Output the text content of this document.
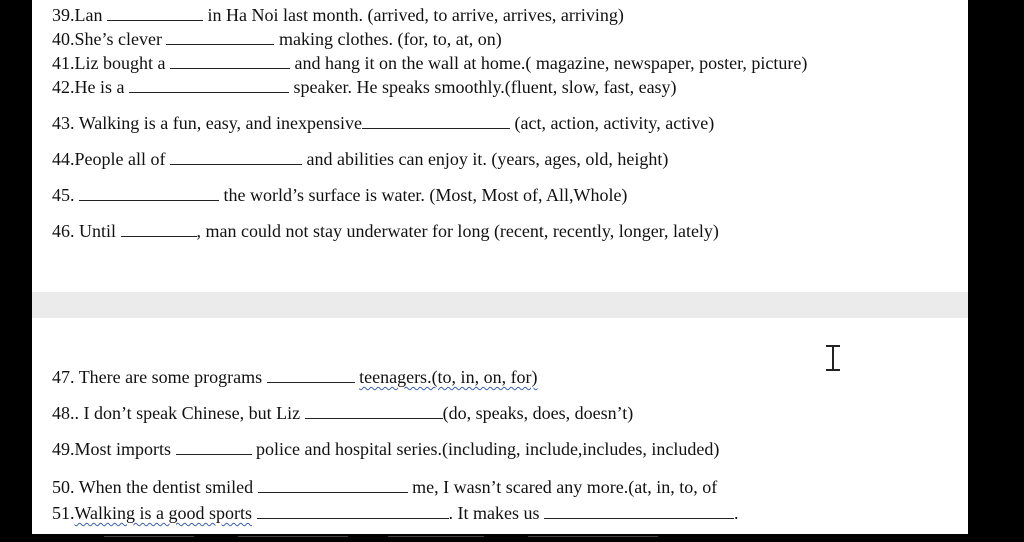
39.Lan	in Ha Noi last month. (arrived, to arrive, arrives, arriving)
40.She’s clever	making clothes. (for, to, at, on)
41.Liz bought a	and hang it on the wall at home.( magazine, newspaper, poster, picture)
42.He is a	speaker. He speaks smoothly.(fluent, slow, fast, easy)
43. Walking is a fun, easy, and inexpensive	(act, action, activity, active)
44.People all of	and abilities can enjoy it. (years, ages, old, height)
45.	the world’s surface is water. (Most, Most of, All,Whole)
46. Until	, man could not stay underwater for long (recent, recently, longer, lately)
47. There are some programs	teenagers.(to, in, on, for)
48.. I don’t speak Chinese, but Liz	(do, speaks, does, doesn’t)
49.Most imports	police and hospital series.(including, include,includes, included)
50. When the dentist smiled	me, I wasn’t scared any more.(at, in, to, of
51.Walking is a good sports	. It makes us	.
